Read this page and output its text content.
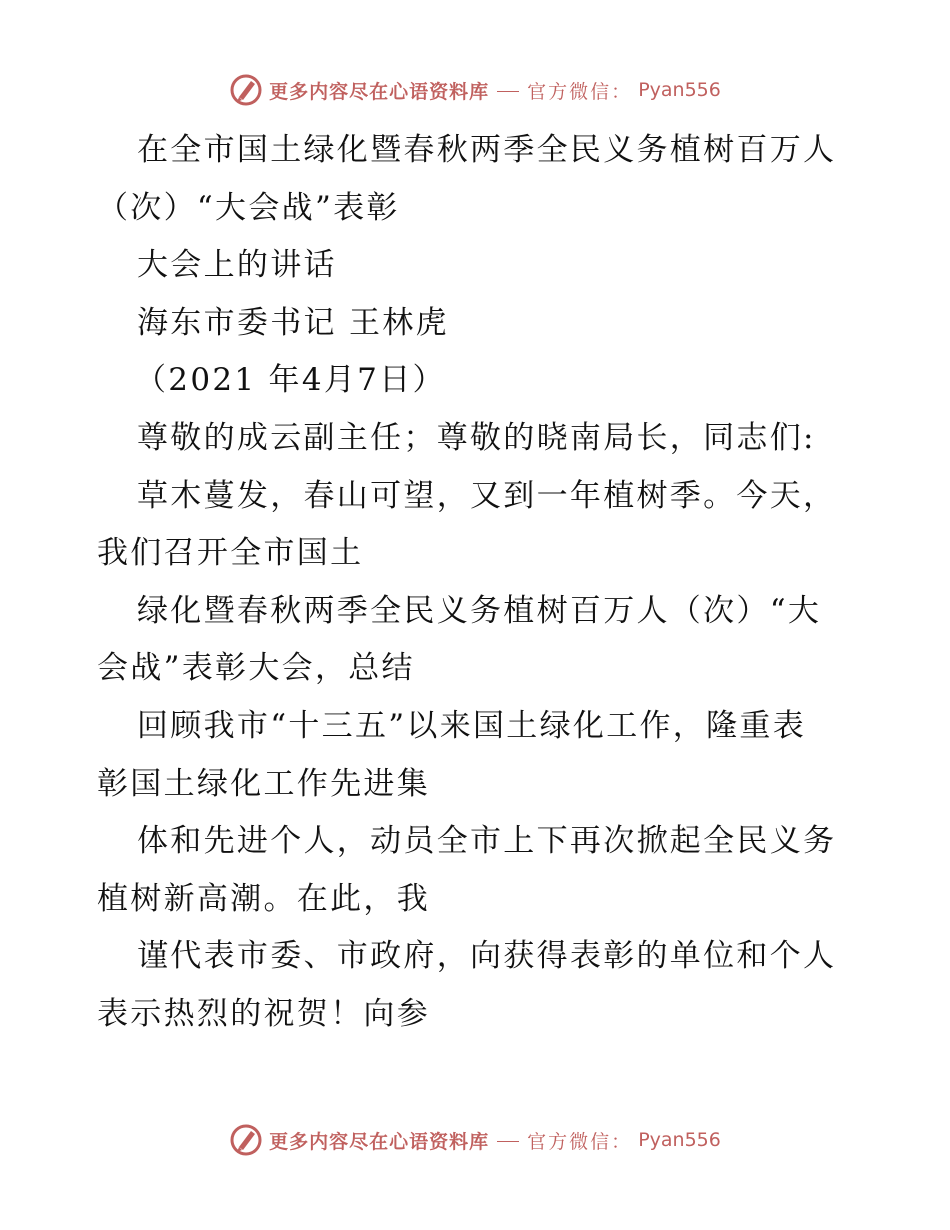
更多内容尽在心语资料库 官方微信： Pyan556
在全市国土绿化暨春秋两季全民义务植树百万人
（次）“大会战”表彰
大会上的讲话
海东市委书记 王林虎
（2021 年4月7日）
尊敬的成云副主任；尊敬的晓南局长，同志们:
草木蔓发，春山可望，又到一年植树季。今天，
我们召开全市国土
绿化暨春秋两季全民义务植树百万人（次）“大
会战”表彰大会，总结
回顾我市“十三五”以来国土绿化工作，隆重表
彰国土绿化工作先进集
体和先进个人，动员全市上下再次掀起全民义务
植树新高潮。在此，我
谨代表市委、市政府，向获得表彰的单位和个人
表示热烈的祝贺！向参
更多内容尽在心语资料库 官方微信： Pyan556
